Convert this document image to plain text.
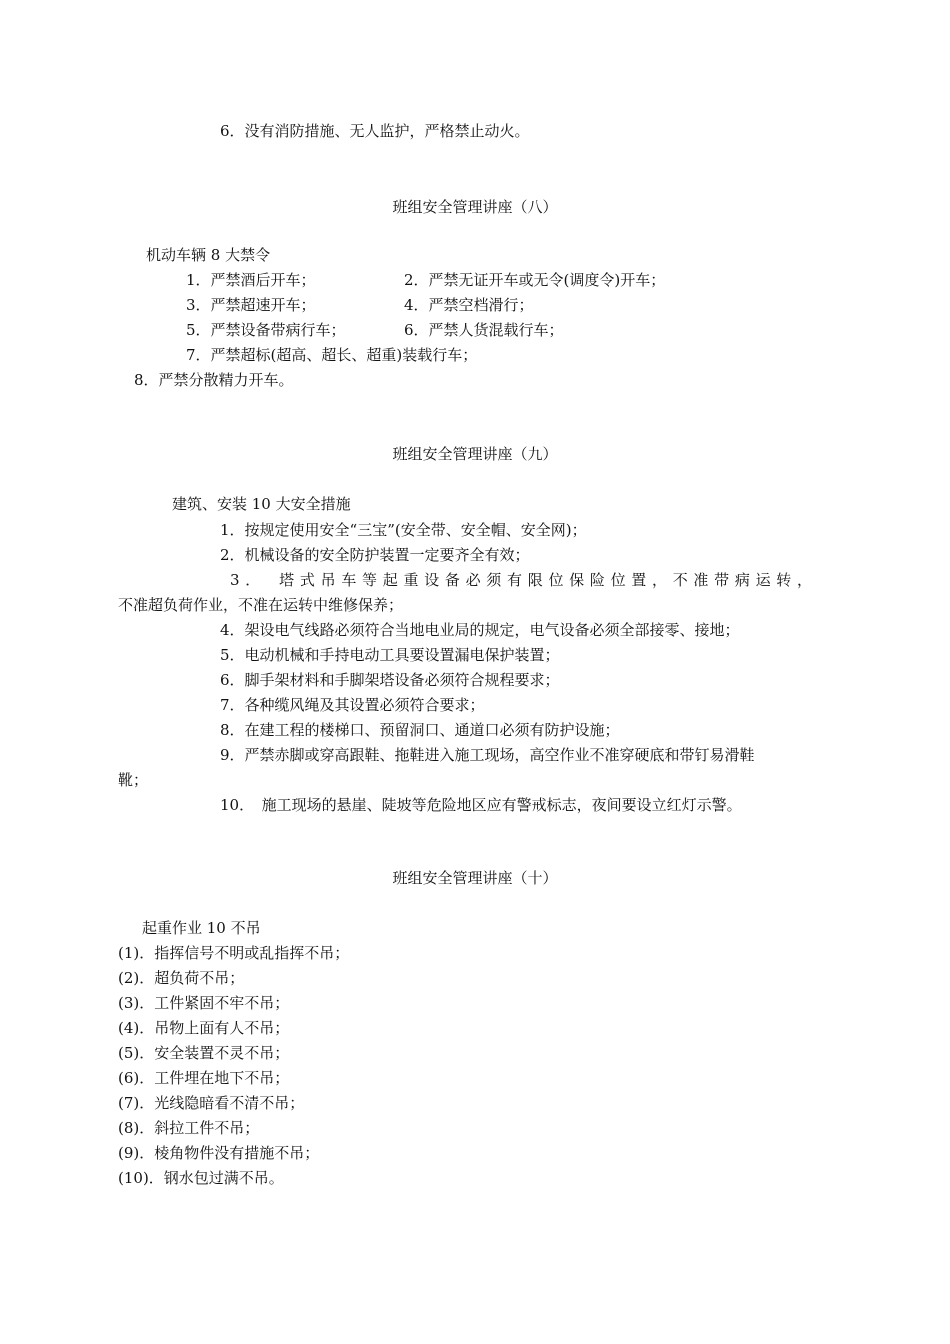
6．没有消防措施、无人监护，严格禁止动火。
班组安全管理讲座（八）
机动车辆 8 大禁令
1．严禁酒后开车；	2．严禁无证开车或无令(调度令)开车；
3．严禁超速开车；	4．严禁空档滑行；
5．严禁设备带病行车；	6．严禁人货混载行车；
7．严禁超标(超高、超长、超重)装载行车；
8．严禁分散精力开车。
班组安全管理讲座（九）
建筑、安装 10 大安全措施
1．按规定使用安全“三宝”(安全带、安全帽、安全网)；
2．机械设备的安全防护装置一定要齐全有效；
3．　塔式吊车等起重设备必须有限位保险位置，不准带病运转，
不准超负荷作业，不准在运转中维修保养；
4．架设电气线路必须符合当地电业局的规定，电气设备必须全部接零、接地；
5．电动机械和手持电动工具要设置漏电保护装置；
6．脚手架材料和手脚架塔设备必须符合规程要求；
7．各种缆风绳及其设置必须符合要求；
8．在建工程的楼梯口、预留洞口、通道口必须有防护设施；
9．严禁赤脚或穿高跟鞋、拖鞋进入施工现场，高空作业不准穿硬底和带钉易滑鞋
靴；
10．　施工现场的悬崖、陡坡等危险地区应有警戒标志，夜间要设立红灯示警。
班组安全管理讲座（十）
起重作业 10 不吊
(1)．指挥信号不明或乱指挥不吊；
(2)．超负荷不吊；
(3)．工件紧固不牢不吊；
(4)．吊物上面有人不吊；
(5)．安全装置不灵不吊；
(6)．工件埋在地下不吊；
(7)．光线隐暗看不清不吊；
(8)．斜拉工件不吊；
(9)．棱角物件没有措施不吊；
(10)．钢水包过满不吊。
